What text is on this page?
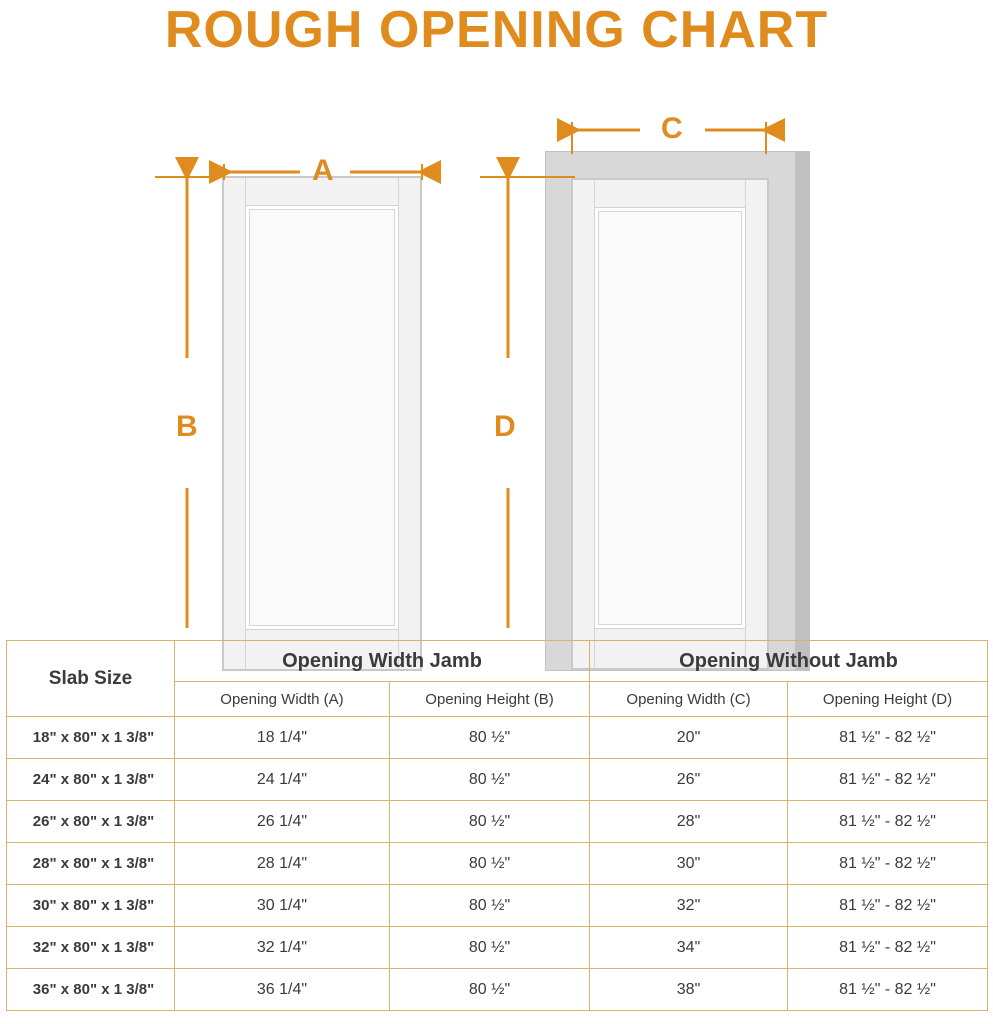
ROUGH OPENING CHART
A
B
C
D
Slab Size	Opening Width Jamb		Opening Without Jamb	
	Opening Width (A)	Opening Height (B)	Opening Width (C)	Opening Height (D)
18" x 80" x 1 3/8"	18 1/4"	80 ½"	20"	81 ½" - 82 ½"
24" x 80" x 1 3/8"	24 1/4"	80 ½"	26"	81 ½" - 82 ½"
26" x 80" x 1 3/8"	26 1/4"	80 ½"	28"	81 ½" - 82 ½"
28" x 80" x 1 3/8"	28 1/4"	80 ½"	30"	81 ½" - 82 ½"
30" x 80" x 1 3/8"	30 1/4"	80 ½"	32"	81 ½" - 82 ½"
32" x 80" x 1 3/8"	32 1/4"	80 ½"	34"	81 ½" - 82 ½"
36" x 80" x 1 3/8"	36 1/4"	80 ½"	38"	81 ½" - 82 ½"
